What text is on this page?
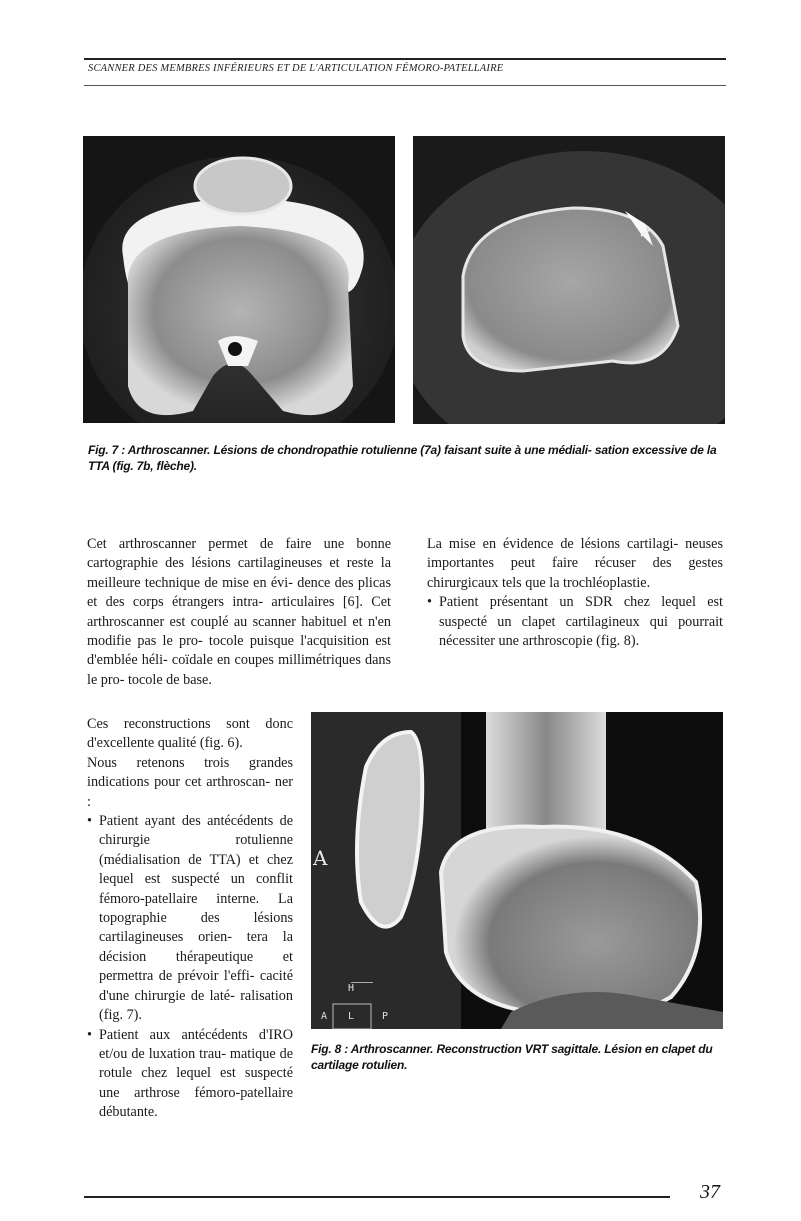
SCANNER DES MEMBRES INFÉRIEURS ET DE L'ARTICULATION FÉMORO-PATELLAIRE
Fig. 7 : Arthroscanner. Lésions de chondropathie rotulienne (7a) faisant suite à une médiali- sation excessive de la TTA (fig. 7b, flèche).

Cet arthroscanner permet de faire une bonne cartographie des lésions cartilagineuses et reste la meilleure technique de mise en évi- dence des plicas et des corps étrangers intra- articulaires [6]. Cet arthroscanner est couplé au scanner habituel et n'en modifie pas le pro- tocole puisque l'acquisition est d'emblée héli- coïdale en coupes millimétriques dans le pro- tocole de base.

Ces reconstructions sont donc d'excellente qualité (fig. 6).

Nous retenons trois grandes indications pour cet arthroscan- ner :

• Patient ayant des antécédents de chirurgie rotulienne (médialisation de TTA) et chez lequel est suspecté un conflit fémoro-patellaire interne. La topographie des lésions cartilagineuses orien- tera la décision thérapeutique et permettra de prévoir l'effi- cacité d'une chirurgie de laté- ralisation (fig. 7).

• Patient aux antécédents d'IRO et/ou de luxation trau- matique de rotule chez lequel est suspecté une arthrose fémoro-patellaire débutante.

La mise en évidence de lésions cartilagi- neuses importantes peut faire récuser des gestes chirurgicaux tels que la trochléoplastie.

• Patient présentant un SDR chez lequel est suspecté un clapet cartilagineux qui pourrait nécessiter une arthroscopie (fig. 8).

A
H
A L	P
Fig. 8 : Arthroscanner. Reconstruction VRT sagittale. Lésion en clapet du cartilage rotulien.
37
